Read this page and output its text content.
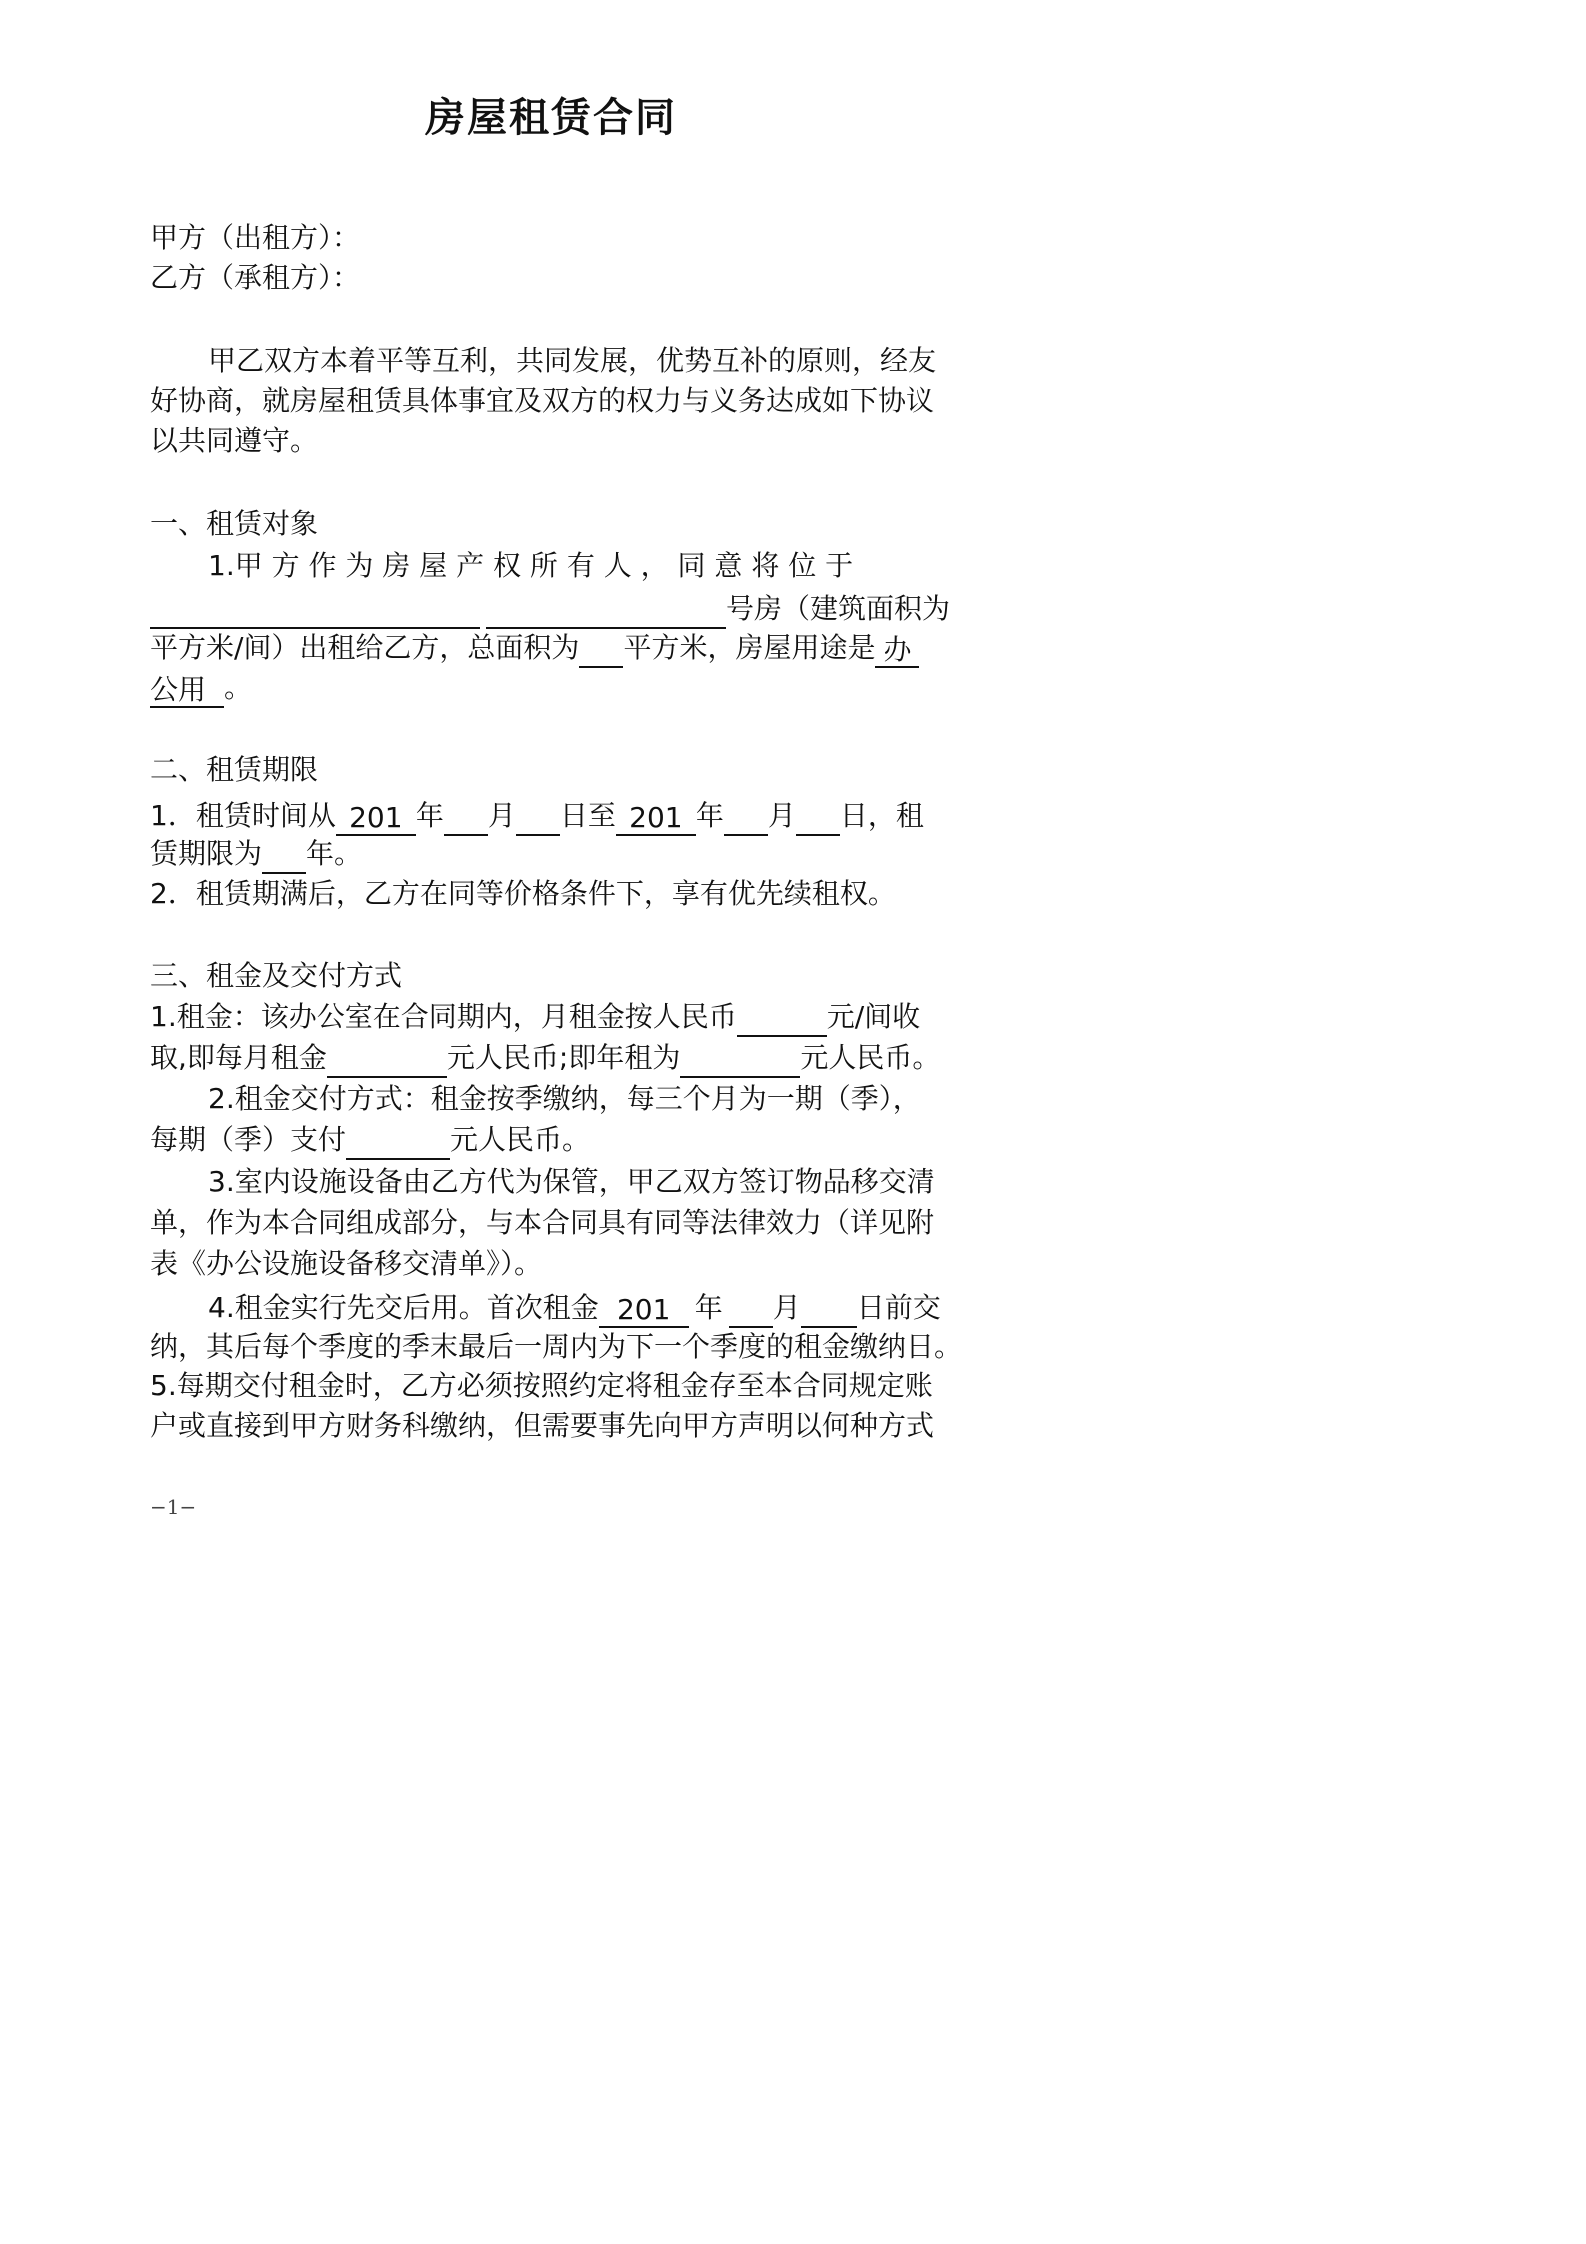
房屋租赁合同
甲方（出租方）：
乙方（承租方）：
甲乙双方本着平等互利，共同发展，优势互补的原则，经友
好协商，就房屋租赁具体事宜及双方的权力与义务达成如下协议
以共同遵守。
一、租赁对象
1.甲 方 作 为 房 屋 产 权 所 有 人 ， 同 意 将 位 于
号房（建筑面积为
平方米/间）出租给乙方，总面积为 平方米，房屋用途是 办
公用 。
二、租赁期限
1．租赁时间从 201 年 月 日至 201 年 月 日，租
赁期限为 年。
2．租赁期满后，乙方在同等价格条件下，享有优先续租权。
三、租金及交付方式
1.租金：该办公室在合同期内，月租金按人民币	元/间收
取,即每月租金	元人民币;即年租为	元人民币。
2.租金交付方式：租金按季缴纳，每三个月为一期（季），
每期（季）支付	元人民币。
3.室内设施设备由乙方代为保管，甲乙双方签订物品移交清
单，作为本合同组成部分，与本合同具有同等法律效力（详见附
表《办公设施设备移交清单》）。
4.租金实行先交后用。首次租金 201 年 月 日前交
纳，其后每个季度的季末最后一周内为下一个季度的租金缴纳日。
5.每期交付租金时，乙方必须按照约定将租金存至本合同规定账
户或直接到甲方财务科缴纳，但需要事先向甲方声明以何种方式
−1−
